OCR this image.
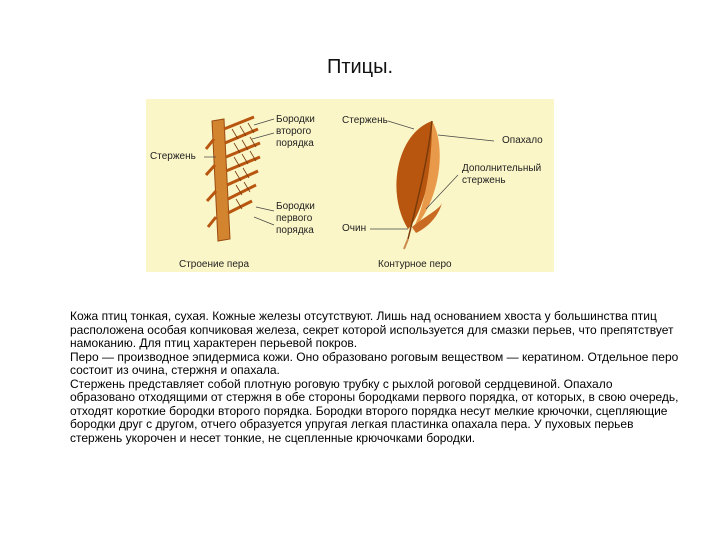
Птицы.
Бородки
второго
порядка
Стержень
Бородки
первого
порядка
Строение пера
Стержень
Опахало
Дополнительный
стержень
Очин
Контурное перо

Кожа птиц тонкая, сухая. Кожные железы отсутствуют. Лишь над основанием хвоста у большинства птиц расположена особая копчиковая железа, секрет которой используется для смазки перьев, что препятствует намоканию. Для птиц характерен перьевой покров.

Перо — производное эпидермиса кожи. Оно образовано роговым веществом — кератином. Отдельное перо состоит из очина, стержня и опахала.

Стержень представляет собой плотную роговую трубку с рыхлой роговой сердцевиной. Опахало образовано отходящими от стержня в обе стороны бородками первого порядка, от которых, в свою очередь, отходят короткие бородки второго порядка. Бородки второго порядка несут мелкие крючочки, сцепляющие бородки друг с другом, отчего образуется упругая легкая пластинка опахала пера. У пуховых перьев стержень укорочен и несет тонкие, не сцепленные крючочками бородки.
